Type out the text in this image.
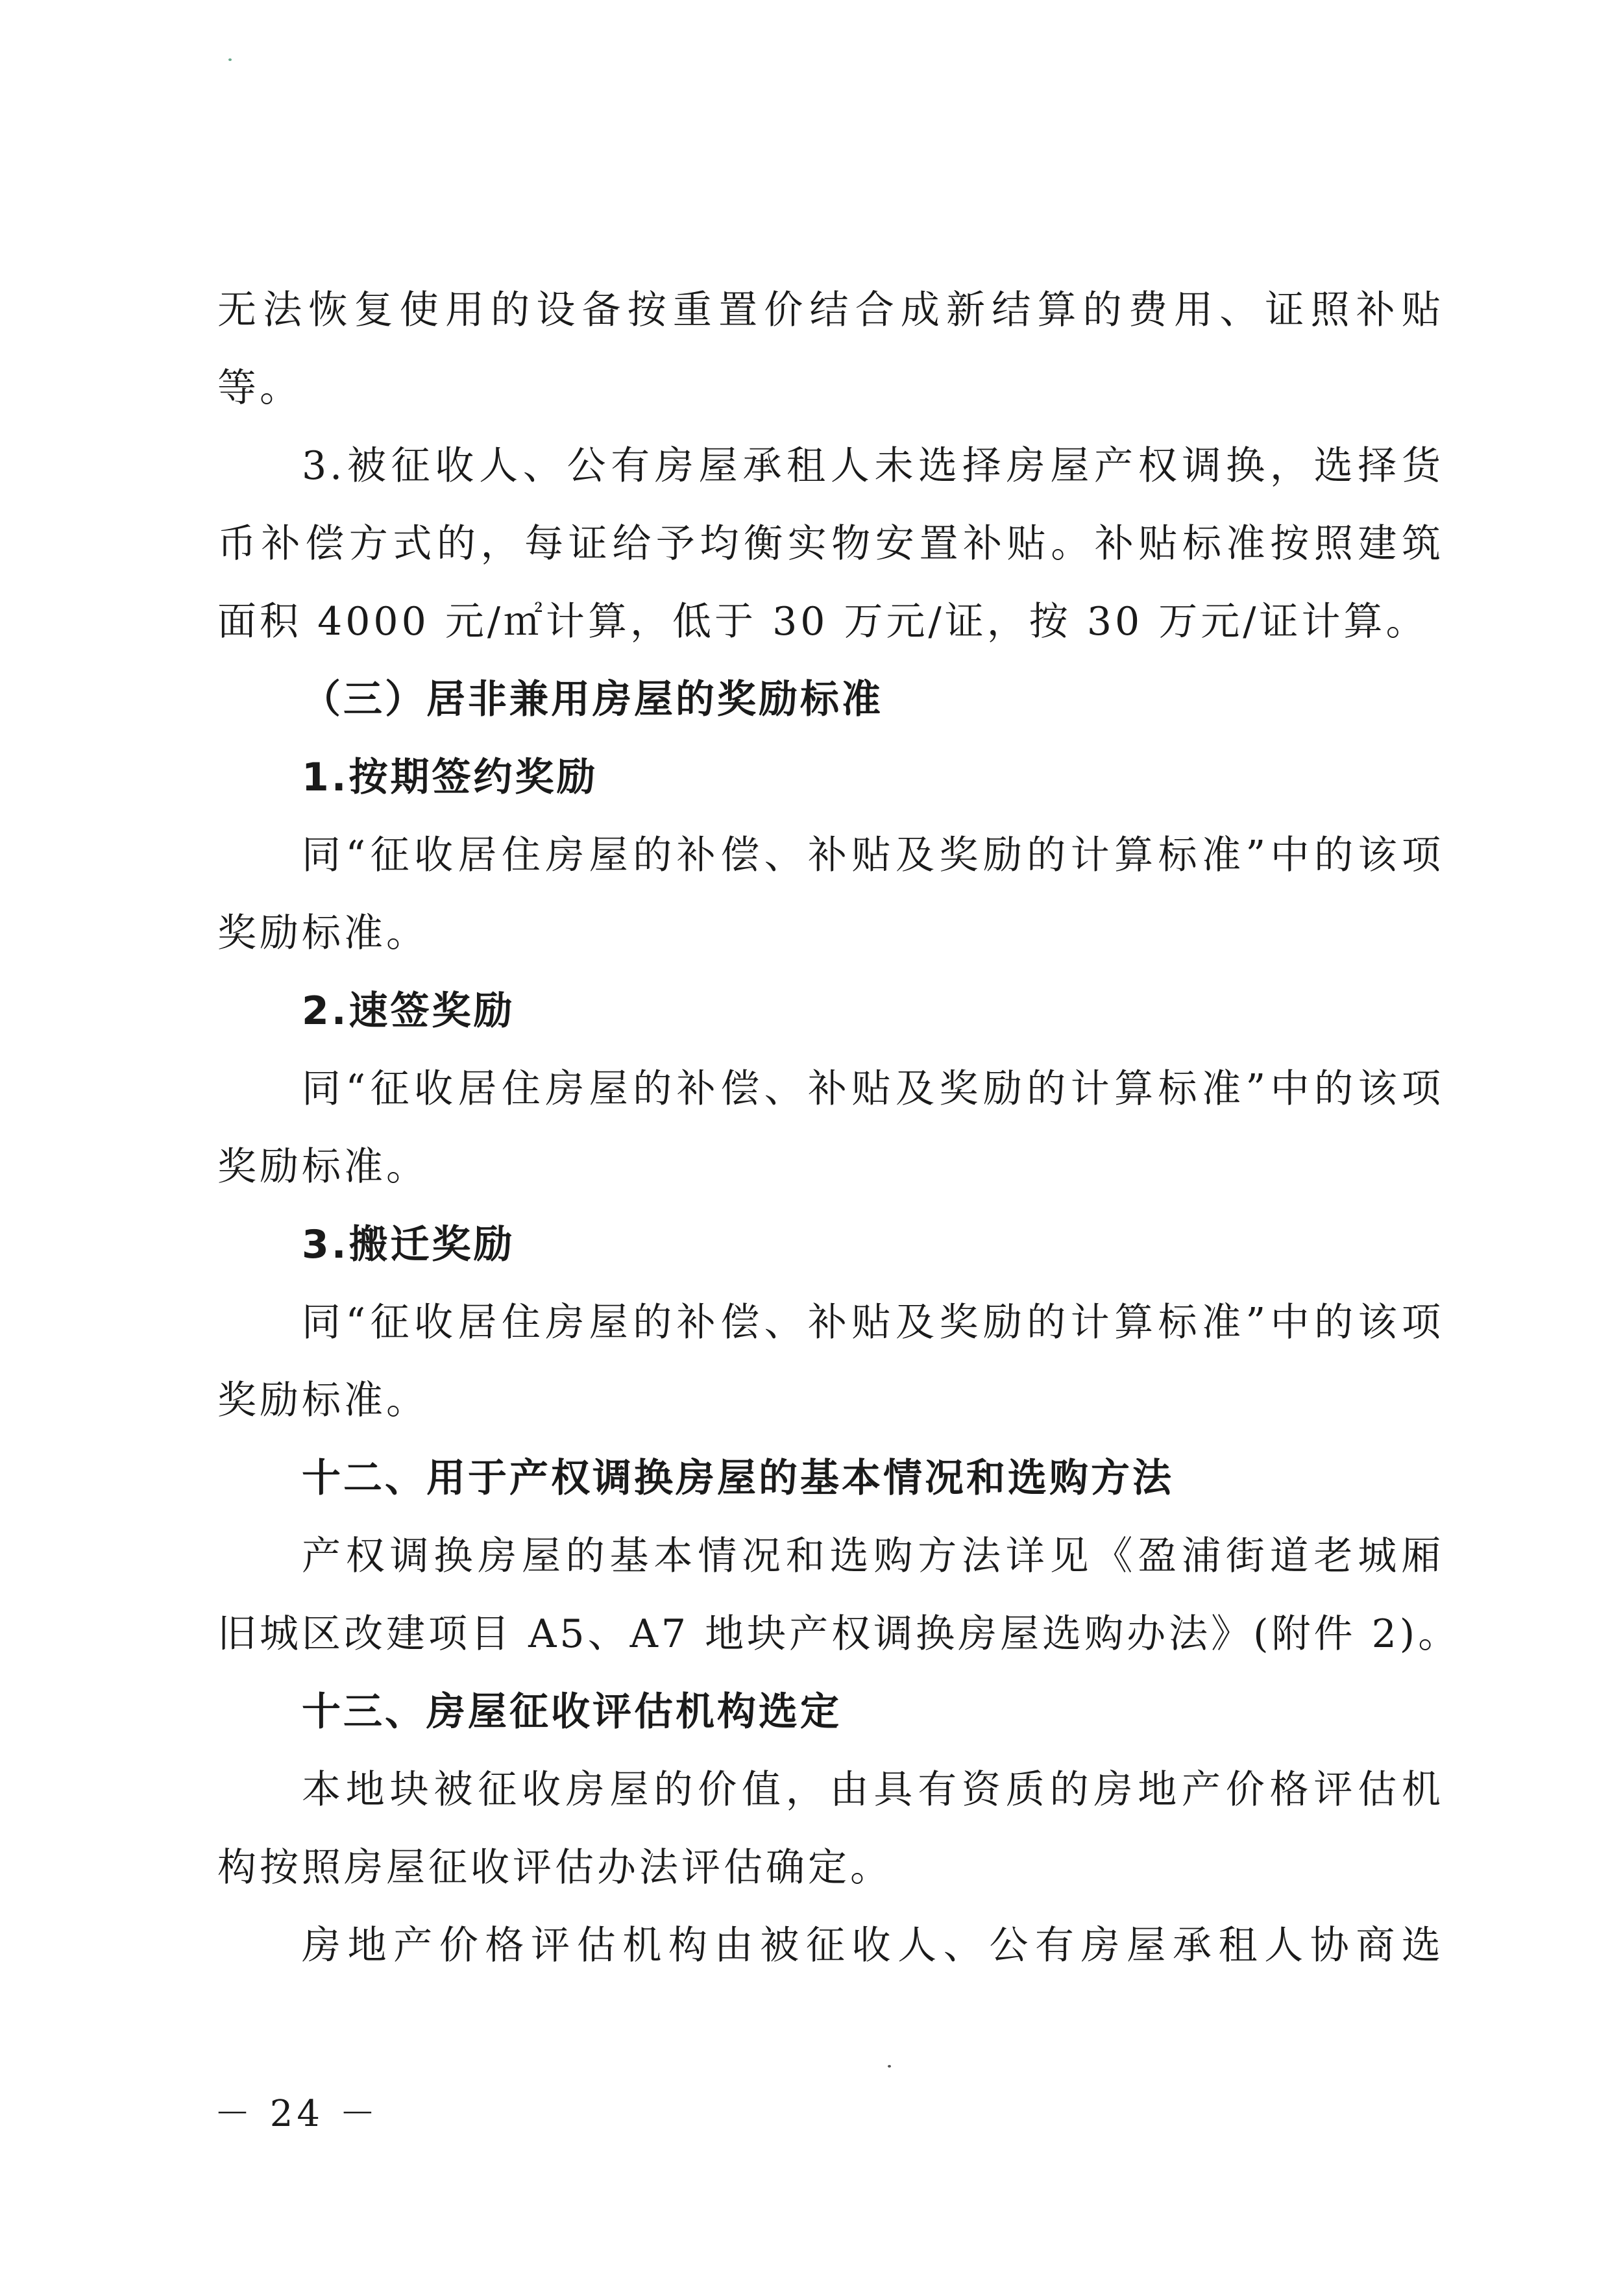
无法恢复使用的设备按重置价结合成新结算的费用、证照补贴
等。
3.被征收人、公有房屋承租人未选择房屋产权调换，选择货
币补偿方式的，每证给予均衡实物安置补贴。补贴标准按照建筑
面积 4000 元/㎡计算，低于 30 万元/证，按 30 万元/证计算。
（三）居非兼用房屋的奖励标准
1.按期签约奖励
同“征收居住房屋的补偿、补贴及奖励的计算标准”中的该项
奖励标准。
2.速签奖励
同“征收居住房屋的补偿、补贴及奖励的计算标准”中的该项
奖励标准。
3.搬迁奖励
同“征收居住房屋的补偿、补贴及奖励的计算标准”中的该项
奖励标准。
十二、用于产权调换房屋的基本情况和选购方法
产权调换房屋的基本情况和选购方法详见《盈浦街道老城厢
旧城区改建项目 A5、A7 地块产权调换房屋选购办法》(附件 2)。
十三、房屋征收评估机构选定
本地块被征收房屋的价值，由具有资质的房地产价格评估机
构按照房屋征收评估办法评估确定。
房地产价格评估机构由被征收人、公有房屋承租人协商选
－ 24 －
